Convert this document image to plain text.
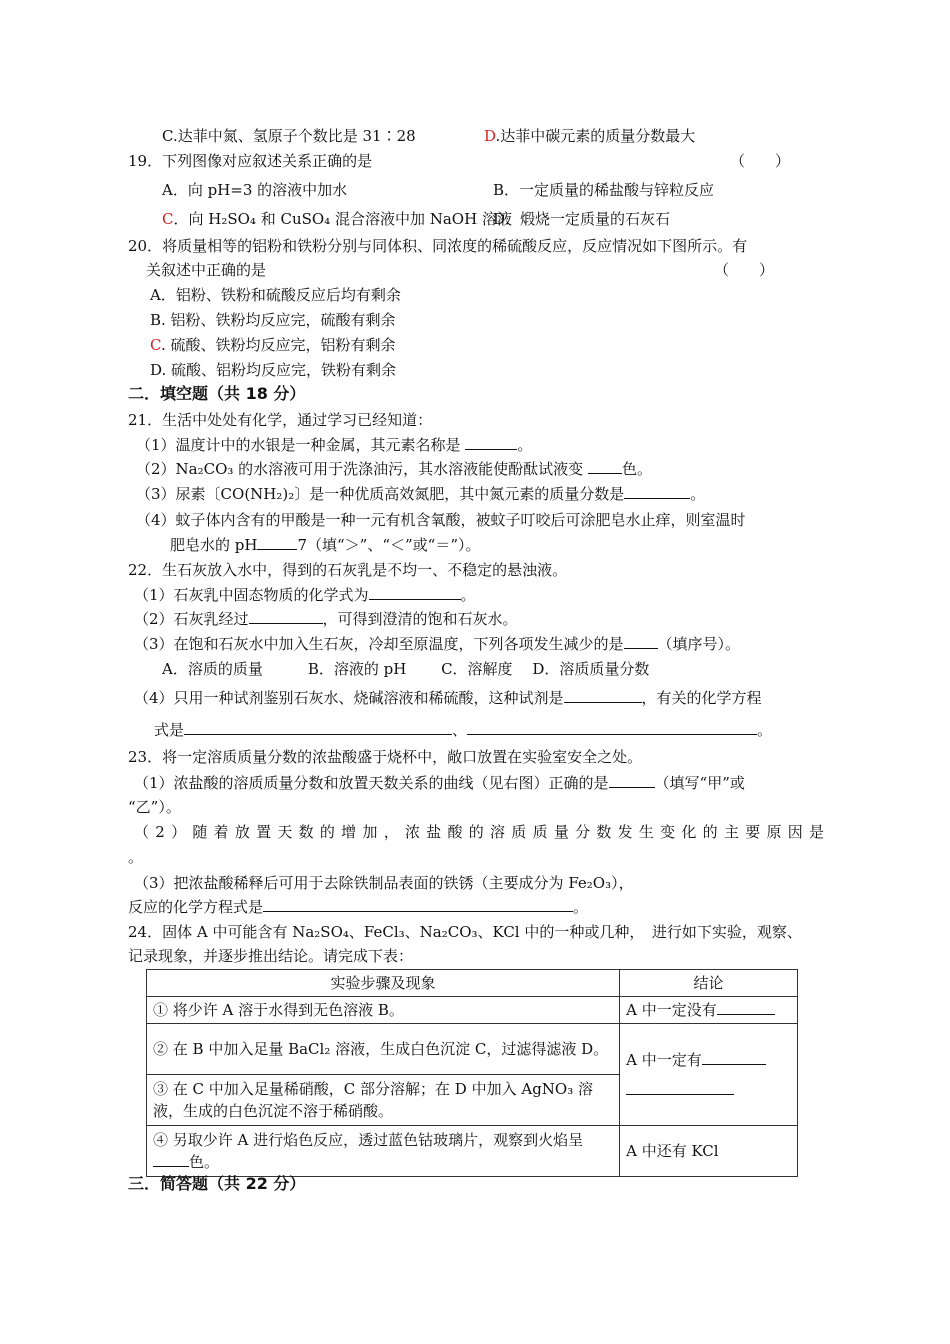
C.达菲中氮、氢原子个数比是 31∶28	D.达菲中碳元素的质量分数最大
19．下列图像对应叙述关系正确的是	（　　）
A．向 pH=3 的溶液中加水	B．一定质量的稀盐酸与锌粒反应
C．向 H₂SO₄ 和 CuSO₄ 混合溶液中加 NaOH 溶液
D．煅烧一定质量的石灰石
20．将质量相等的铝粉和铁粉分别与同体积、同浓度的稀硫酸反应，反应情况如下图所示。有
关叙述中正确的是	（　　）
A．铝粉、铁粉和硫酸反应后均有剩余
B. 铝粉、铁粉均反应完，硫酸有剩余
C. 硫酸、铁粉均反应完，铝粉有剩余
D. 硫酸、铝粉均反应完，铁粉有剩余
二．填空题（共 18 分）
21．生活中处处有化学，通过学习已经知道：
（1）温度计中的水银是一种金属，其元素名称是	。
（2）Na₂CO₃ 的水溶液可用于洗涤油污，其水溶液能使酚酞试液变	色。
（3）尿素〔CO(NH₂)₂〕是一种优质高效氮肥，其中氮元素的质量分数是	。
（4）蚊子体内含有的甲酸是一种一元有机含氧酸，被蚊子叮咬后可涂肥皂水止痒，则室温时
肥皂水的 pH	7（填“＞”、“＜”或“＝”）。
22．生石灰放入水中，得到的石灰乳是不均一、不稳定的悬浊液。
（1）石灰乳中固态物质的化学式为	。
（2）石灰乳经过	，可得到澄清的饱和石灰水。
（3）在饱和石灰水中加入生石灰，冷却至原温度，下列各项发生减少的是 （填序号）。
A．溶质的质量　　　B．溶液的 pH　　 C．溶解度　 D．溶质质量分数
（4）只用一种试剂鉴别石灰水、烧碱溶液和稀硫酸，这种试剂是	，有关的化学方程
式是	、	。
23．将一定溶质质量分数的浓盐酸盛于烧杯中，敞口放置在实验室安全之处。
（1）浓盐酸的溶质质量分数和放置天数关系的曲线（见右图）正确的是	（填写“甲”或
“乙”）。
（2）随着放置天数的增加，浓盐酸的溶质质量分数发生变化的主要原因是
。
（3）把浓盐酸稀释后可用于去除铁制品表面的铁锈（主要成分为 Fe₂O₃），
反应的化学方程式是	。
24．固体 A 中可能含有 Na₂SO₄、FeCl₃、Na₂CO₃、KCl 中的一种或几种，　进行如下实验，观察、
记录现象，并逐步推出结论。请完成下表：
实验步骤及现象	结论
① 将少许 A 溶于水得到无色溶液 B。	A 中一定没有
② 在 B 中加入足量 BaCl₂ 溶液，生成白色沉淀 C，过滤得滤液 D。	A 中一定有

③ 在 C 中加入足量稀硝酸，C 部分溶解；在 D 中加入 AgNO₃ 溶液，生成的白色沉淀不溶于稀硝酸。	
④ 另取少许 A 进行焰色反应，透过蓝色钴玻璃片，观察到火焰呈色。	A 中还有 KCl
三．简答题（共 22 分）
